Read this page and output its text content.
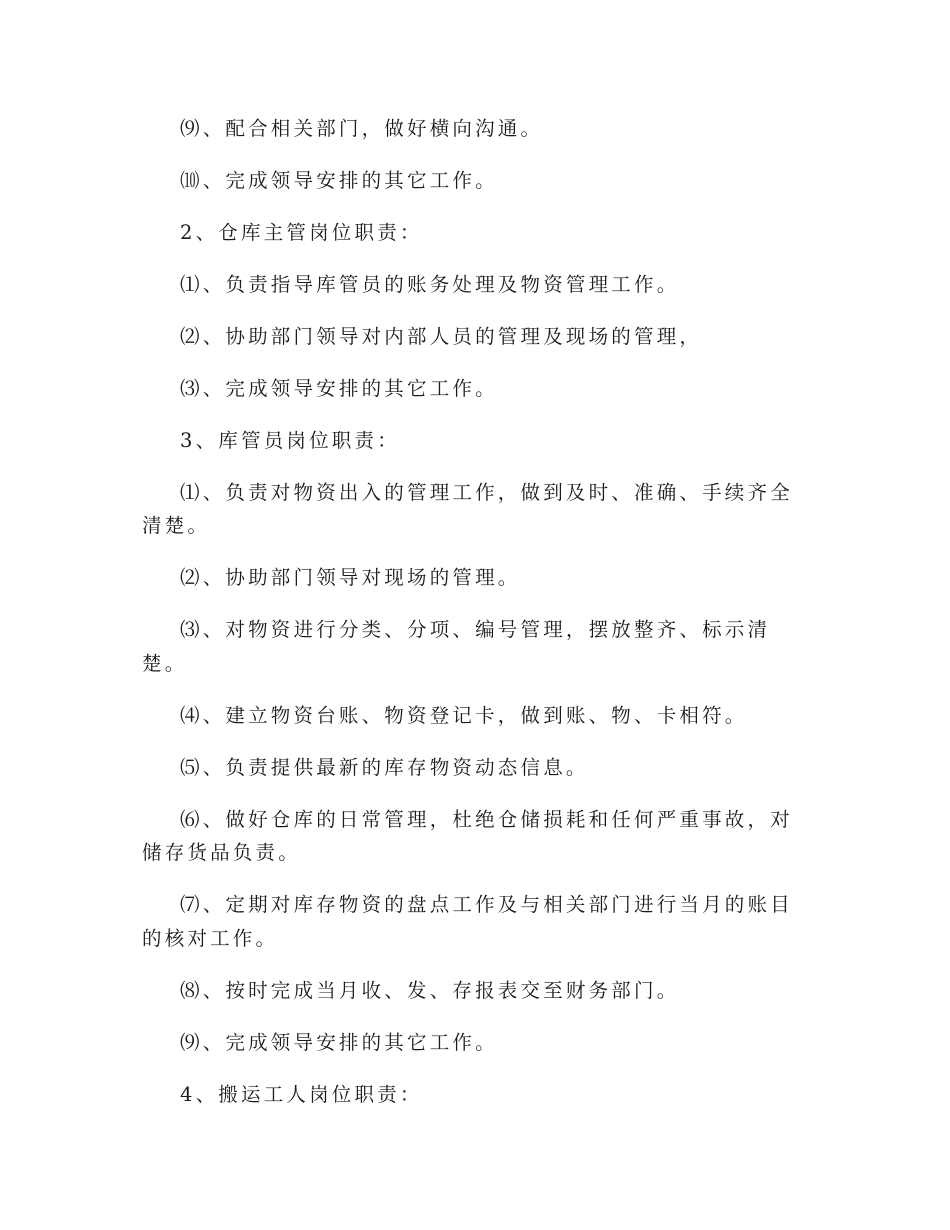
⑼、配合相关部门，做好横向沟通。

⑽、完成领导安排的其它工作。

2、仓库主管岗位职责：

⑴、负责指导库管员的账务处理及物资管理工作。

⑵、协助部门领导对内部人员的管理及现场的管理，

⑶、完成领导安排的其它工作。

3、库管员岗位职责：

⑴、负责对物资出入的管理工作，做到及时、准确、手续齐全清楚。

⑵、协助部门领导对现场的管理。

⑶、对物资进行分类、分项、编号管理，摆放整齐、标示清楚。

⑷、建立物资台账、物资登记卡，做到账、物、卡相符。

⑸、负责提供最新的库存物资动态信息。

⑹、做好仓库的日常管理，杜绝仓储损耗和任何严重事故，对储存货品负责。

⑺、定期对库存物资的盘点工作及与相关部门进行当月的账目的核对工作。

⑻、按时完成当月收、发、存报表交至财务部门。

⑼、完成领导安排的其它工作。

4、搬运工人岗位职责：
